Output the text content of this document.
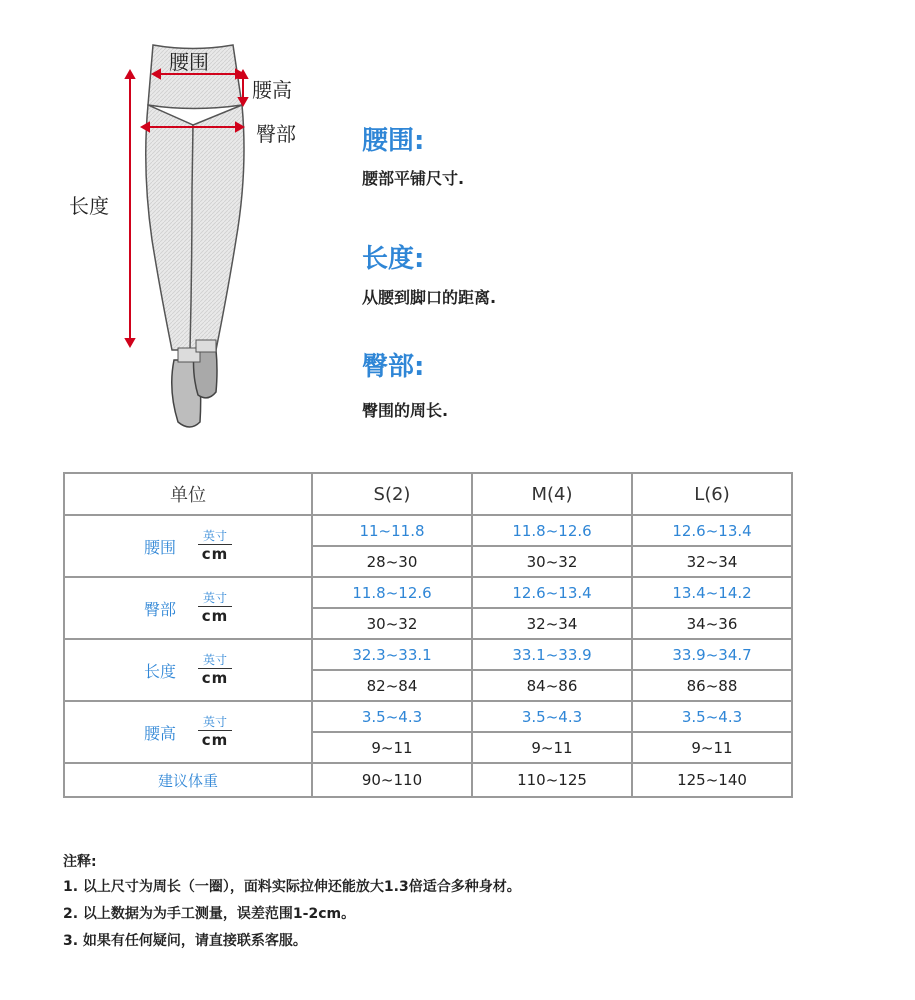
腰围
腰高
臀部
长度
腰围:
腰部平铺尺寸.
长度:
从腰到脚口的距离.
臀部:
臀围的周长.
单位	S(2)	M(4)	L(6)

腰围 $\frac{\text{英寸}}{cm}$	11~11.8	11.8~12.6	12.6~13.4
	28~30	30~32	32~34

臀部 $\frac{\text{英寸}}{cm}$	11.8~12.6	12.6~13.4	13.4~14.2
	30~32	32~34	34~36

长度 $\frac{\text{英寸}}{cm}$	32.3~33.1	33.1~33.9	33.9~34.7
	82~84	84~86	86~88

腰高 $\frac{\text{英寸}}{cm}$	3.5~4.3	3.5~4.3	3.5~4.3
	9~11	9~11	9~11
建议体重	90~110	110~125	125~140
注释:
1. 以上尺寸为周长（一圈），面料实际拉伸还能放大1.3倍适合多种身材。
2. 以上数据为为手工测量，误差范围1-2cm。
3. 如果有任何疑问，请直接联系客服。
